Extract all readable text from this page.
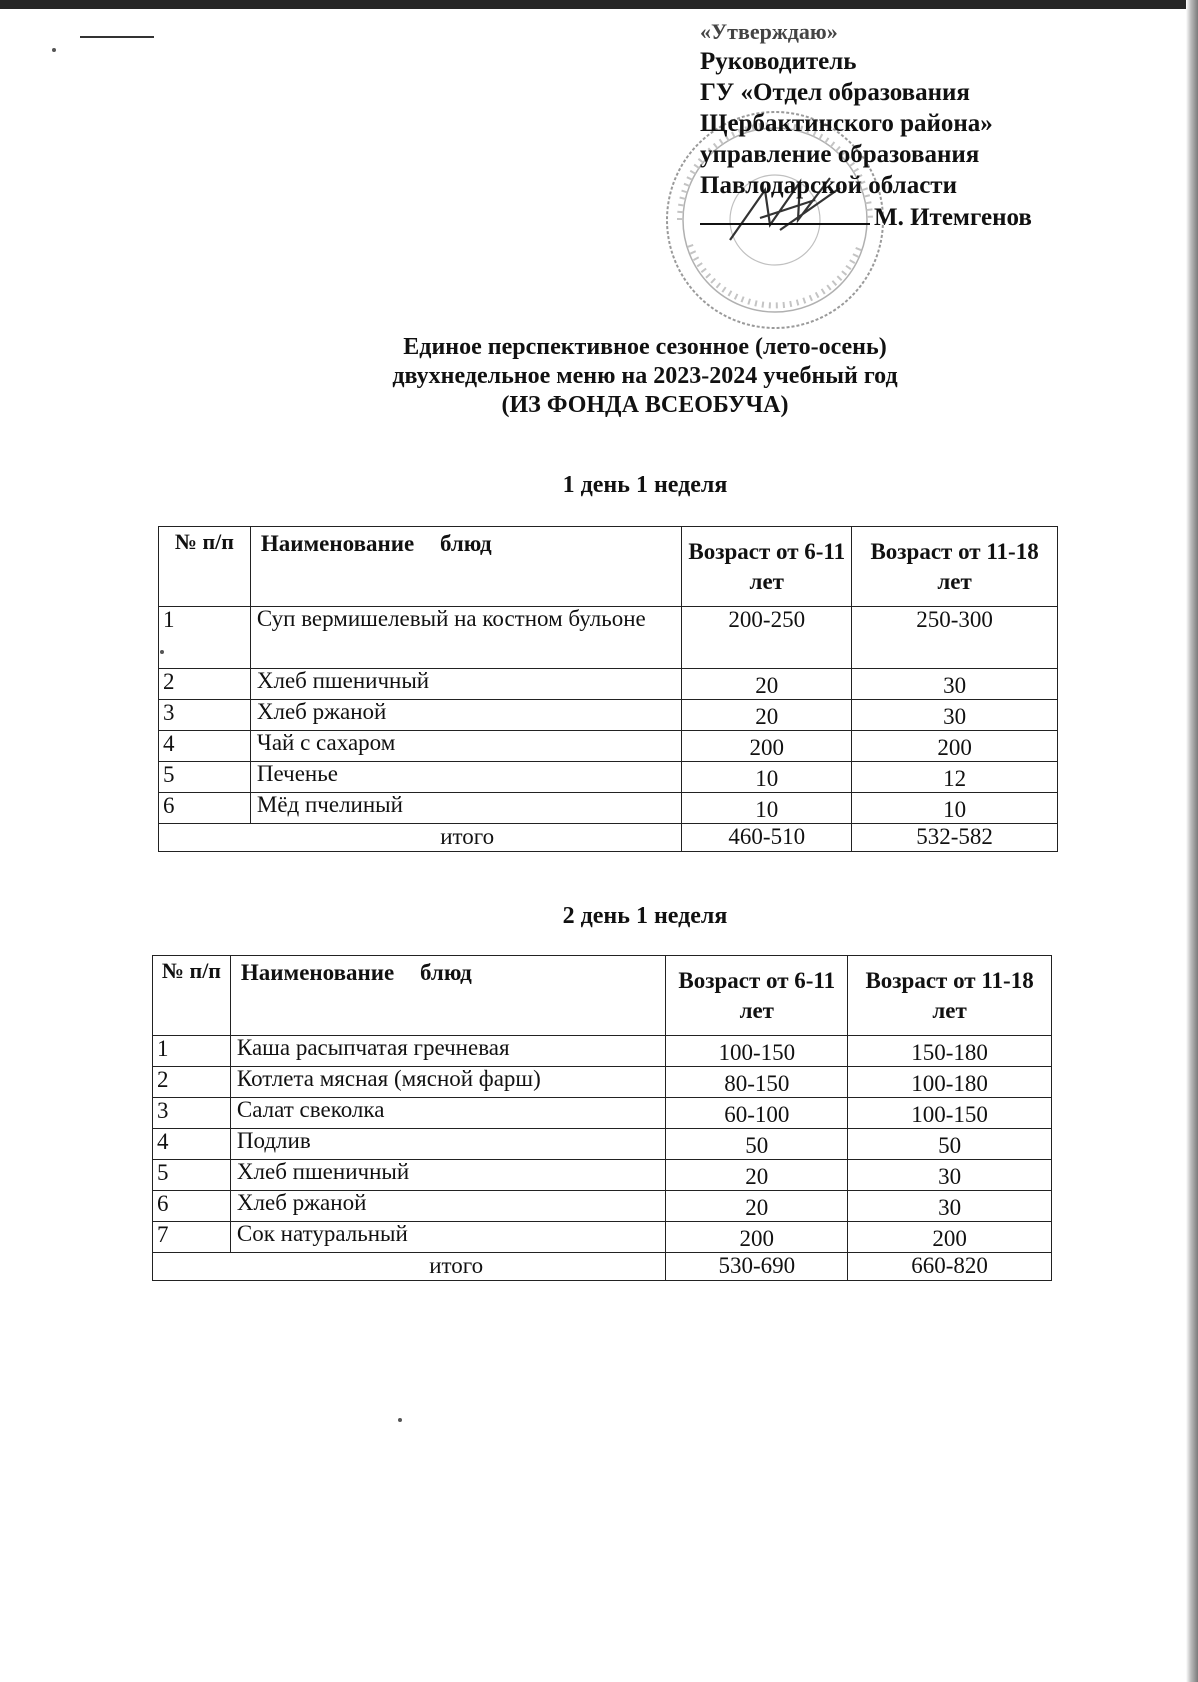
«Утверждаю»
Руководитель
ГУ «Отдел образования
Щербактинского района»
управление образования
Павлодарской области
М. Итемгенов
Единое перспективное сезонное (лето-осень)
двухнедельное меню на 2023-2024 учебный год
(ИЗ ФОНДА ВСЕОБУЧА)
1 день 1 неделя
№ п/п	Наименование блюд	Возраст от 6-11 лет	Возраст от 11-18 лет
1	Суп вермишелевый на костном бульоне	200-250	250-300
2	Хлеб пшеничный	20	30
3	Хлеб ржаной	20	30
4	Чай с сахаром	200	200
5	Печенье	10	12
6	Мёд пчелиный	10	10
итого		460-510	532-582
2 день 1 неделя
№ п/п	Наименование блюд	Возраст от 6-11 лет	Возраст от 11-18 лет
1	Каша расыпчатая гречневая	100-150	150-180
2	Котлета мясная (мясной фарш)	80-150	100-180
3	Салат свеколка	60-100	100-150
4	Подлив	50	50
5	Хлеб пшеничный	20	30
6	Хлеб ржаной	20	30
7	Сок натуральный	200	200
итого		530-690	660-820
